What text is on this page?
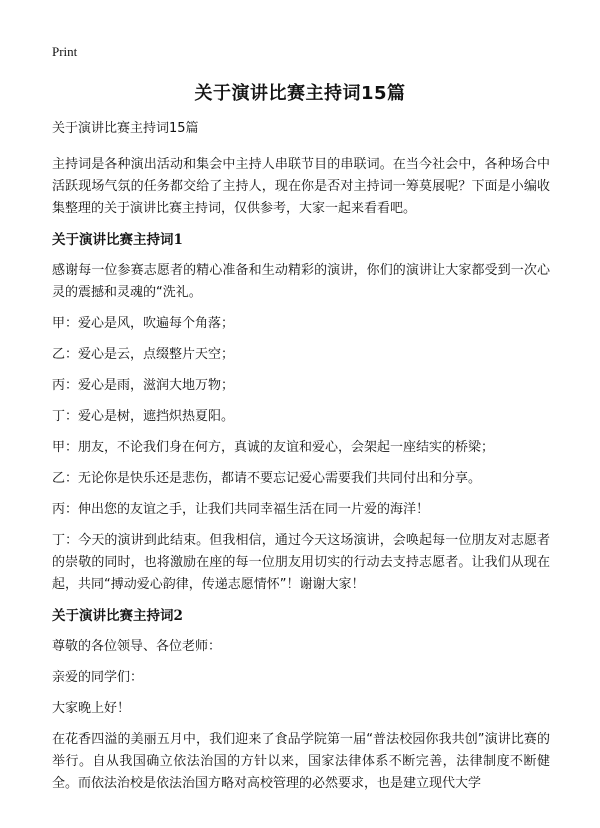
Print
关于演讲比赛主持词15篇

关于演讲比赛主持词15篇

主持词是各种演出活动和集会中主持人串联节目的串联词。在当今社会中，各种场合中活跃现场气氛的任务都交给了主持人，现在你是否对主持词一筹莫展呢？下面是小编收集整理的关于演讲比赛主持词，仅供参考，大家一起来看看吧。

关于演讲比赛主持词1

感谢每一位参赛志愿者的精心准备和生动精彩的演讲，你们的演讲让大家都受到一次心灵的震撼和灵魂的“洗礼。

甲：爱心是风，吹遍每个角落；

乙：爱心是云，点缀整片天空；

丙：爱心是雨，滋润大地万物；

丁：爱心是树，遮挡炽热夏阳。

甲：朋友，不论我们身在何方，真诚的友谊和爱心，会架起一座结实的桥梁；

乙：无论你是快乐还是悲伤，都请不要忘记爱心需要我们共同付出和分享。

丙：伸出您的友谊之手，让我们共同幸福生活在同一片爱的海洋！

丁：今天的演讲到此结束。但我相信，通过今天这场演讲，会唤起每一位朋友对志愿者的崇敬的同时，也将激励在座的每一位朋友用切实的行动去支持志愿者。让我们从现在起，共同“搏动爱心韵律，传递志愿情怀”！谢谢大家！

关于演讲比赛主持词2

尊敬的各位领导、各位老师：

亲爱的同学们：

大家晚上好！

在花香四溢的美丽五月中，我们迎来了食品学院第一届“普法校园你我共创”演讲比赛的举行。自从我国确立依法治国的方针以来，国家法律体系不断完善，法律制度不断健全。而依法治校是依法治国方略对高校管理的必然要求，也是建立现代大学
